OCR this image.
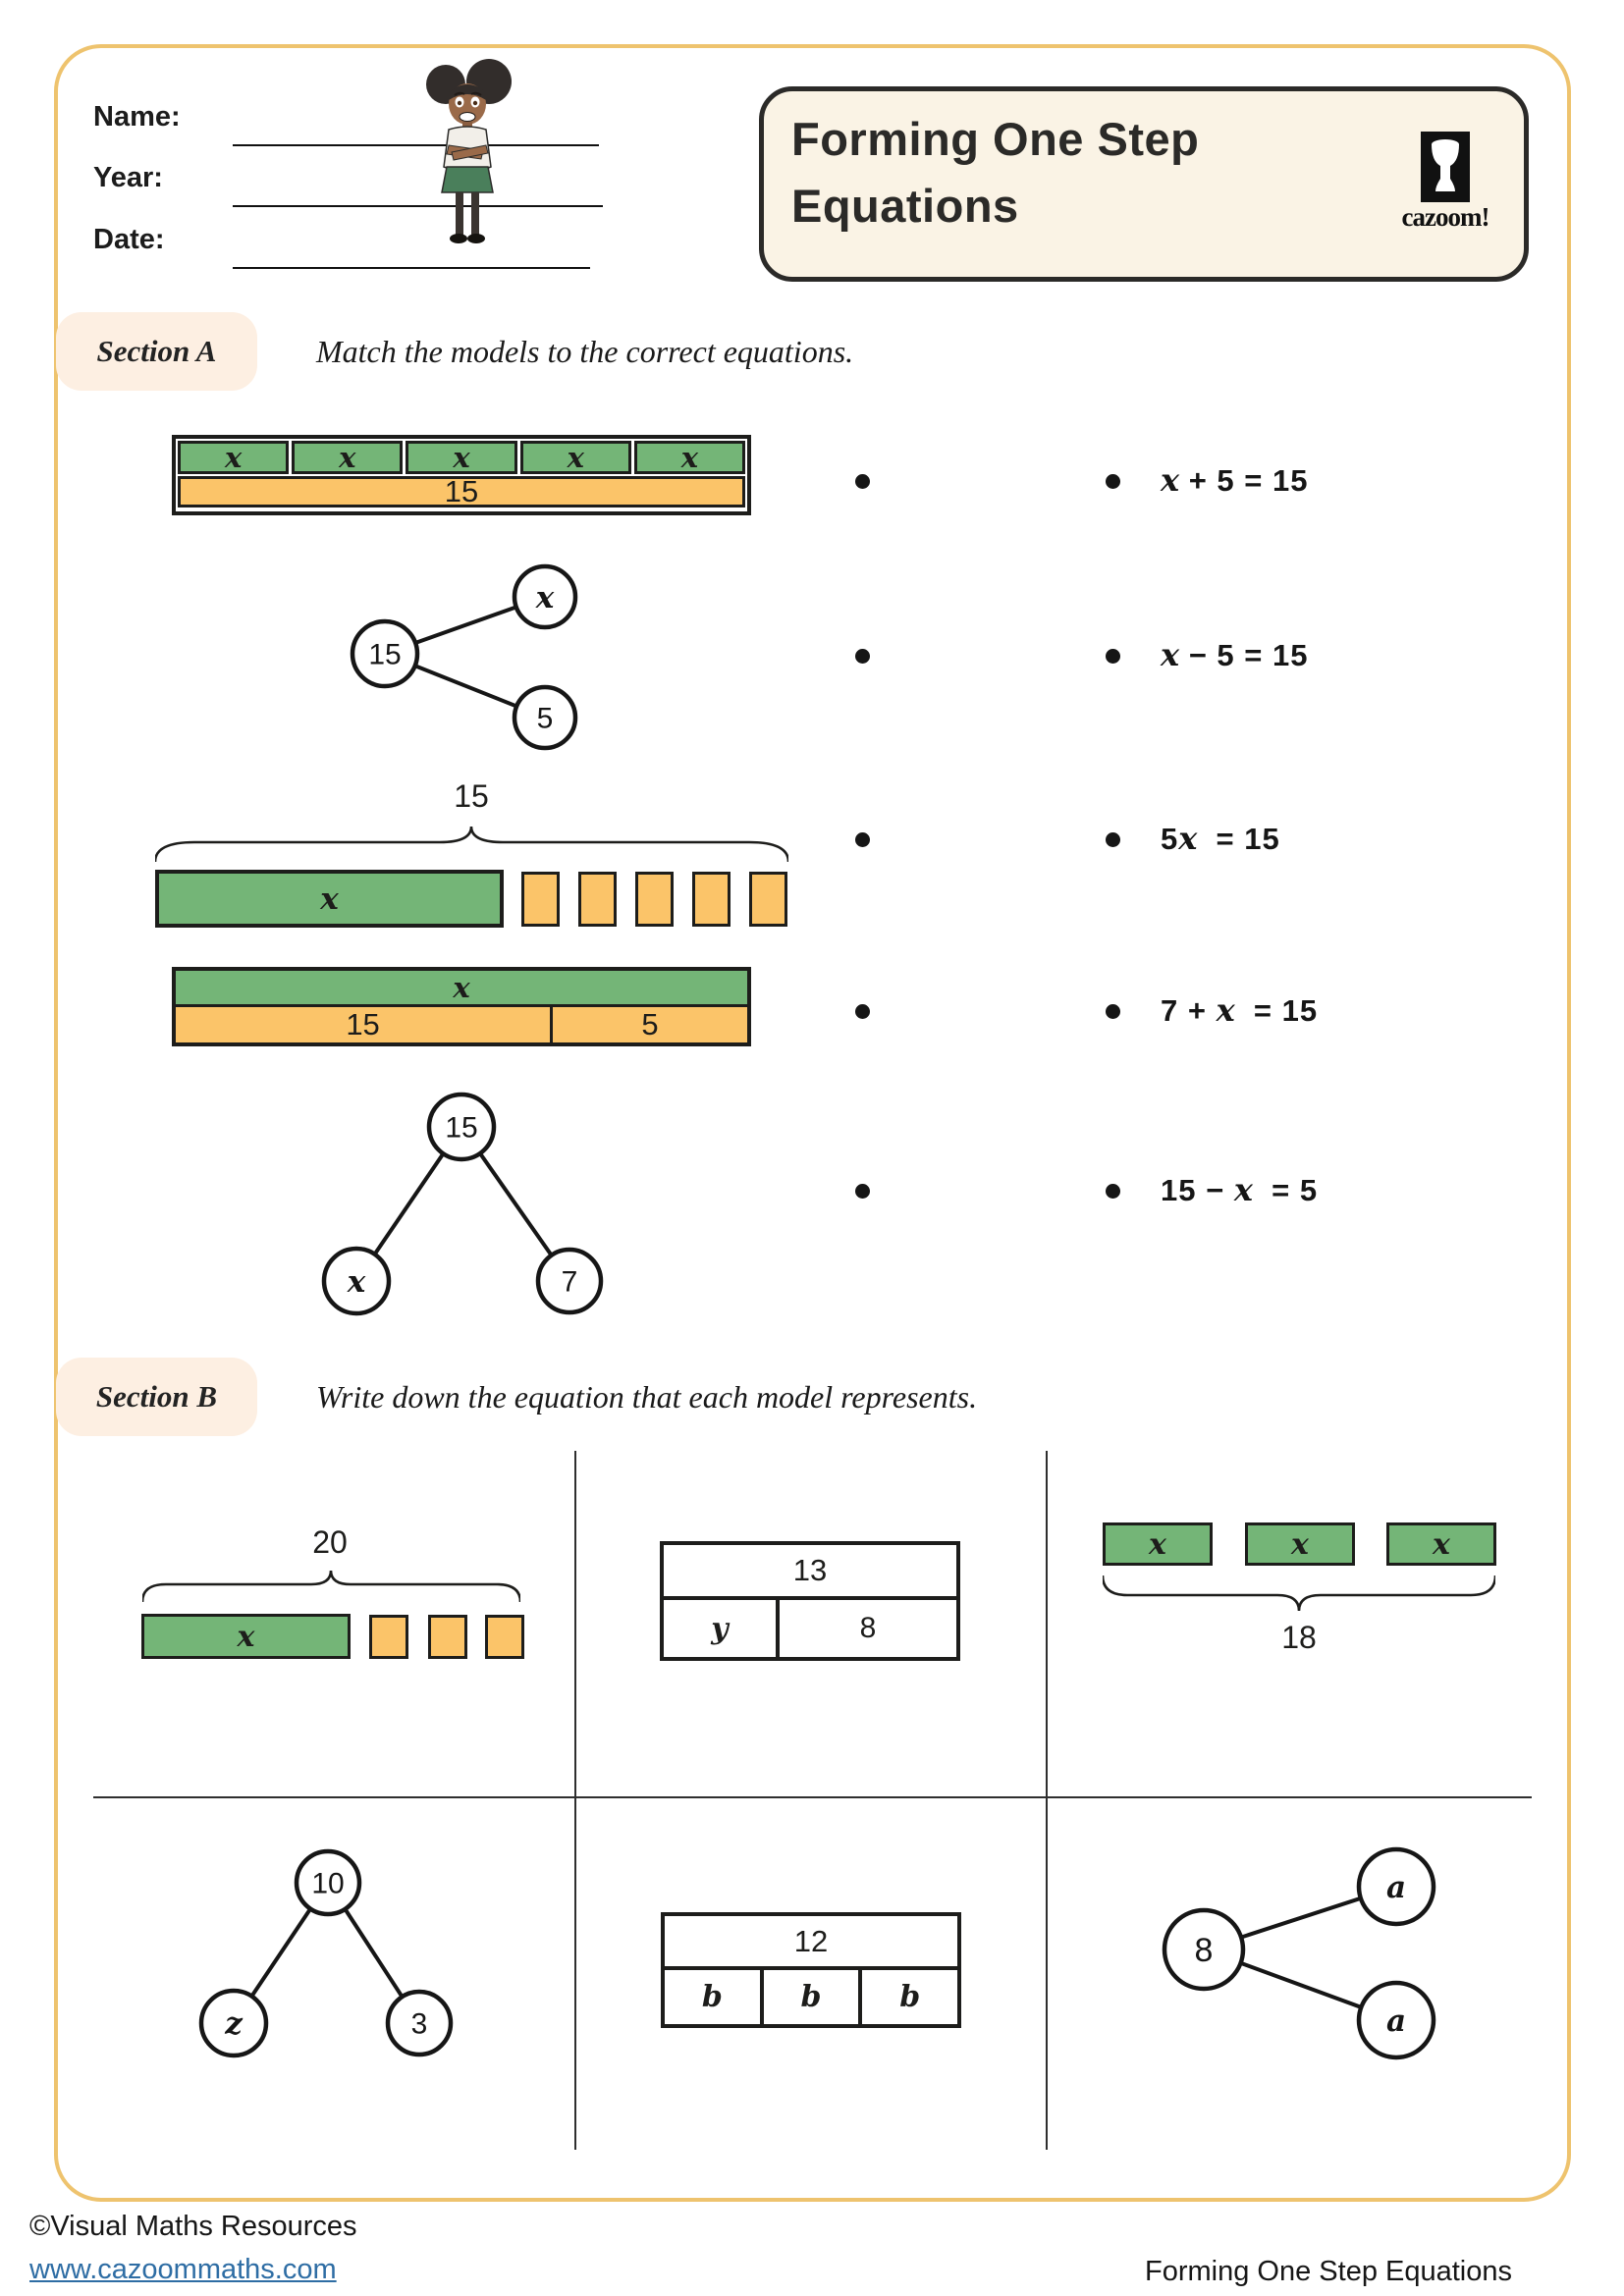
Name:
Year:
Date:
Forming One Step
Equations	cazoom!
Section A	Match the models to the correct equations.
x	x	x	x	x
15
15
x
5
15
x
x
15	5
15
x	7
x + 5 = 15
x − 5 = 15
5x  = 15
7 + x  = 15
15 − x  = 5
Section B	Write down the equation that each model represents.
20
x
13
y	8
x	x	x
18
10
z	3
12
b	b	b
8
a
a
©Visual Maths Resources
www.cazoommaths.com	Forming One Step Equations
